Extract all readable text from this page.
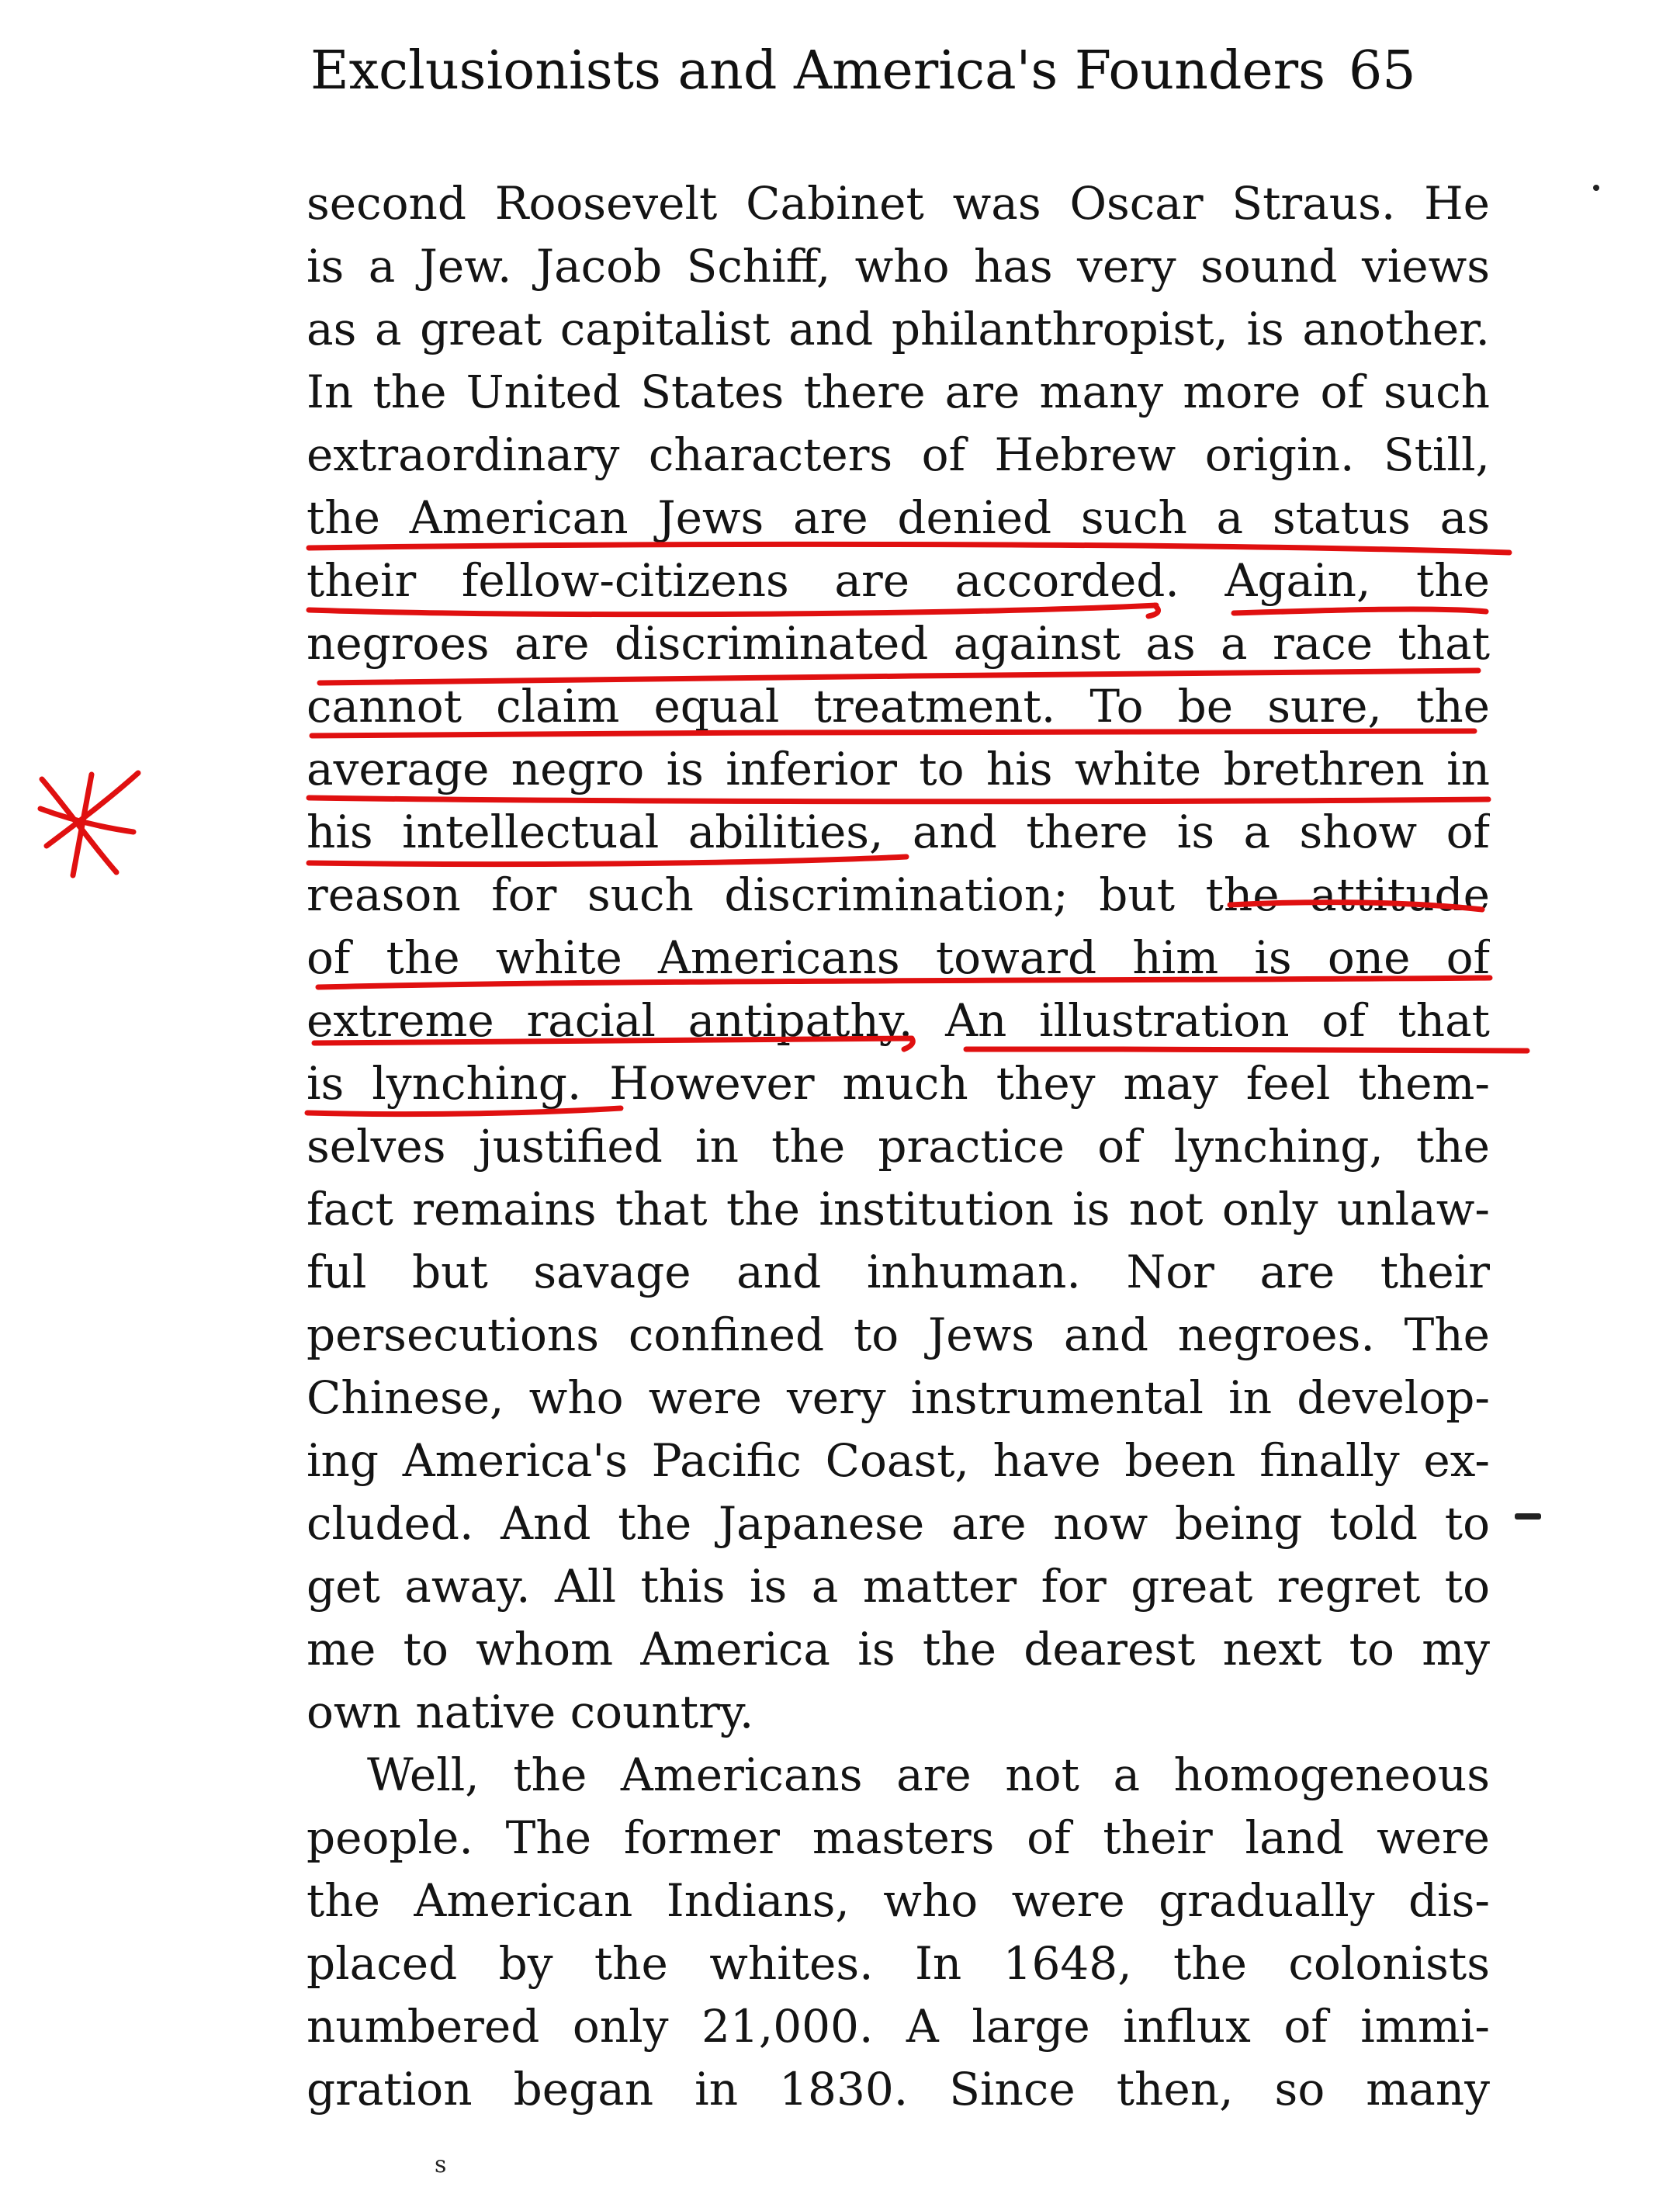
Exclusionists and America's Founders 65
second Roosevelt Cabinet was Oscar Straus. He
is a Jew. Jacob Schiff, who has very sound views
as a great capitalist and philanthropist, is another.
In the United States there are many more of such
extraordinary characters of Hebrew origin. Still,
the American Jews are denied such a status as
their fellow-citizens are accorded. Again, the
negroes are discriminated against as a race that
cannot claim equal treatment. To be sure, the
average negro is inferior to his white brethren in
his intellectual abilities, and there is a show of
reason for such discrimination; but the attitude
of the white Americans toward him is one of
extreme racial antipathy. An illustration of that
is lynching. However much they may feel them-
selves justified in the practice of lynching, the
fact remains that the institution is not only unlaw-
ful but savage and inhuman. Nor are their
persecutions confined to Jews and negroes. The
Chinese, who were very instrumental in develop-
ing America's Pacific Coast, have been finally ex-
cluded. And the Japanese are now being told to
get away. All this is a matter for great regret to
me to whom America is the dearest next to my
own native country.
Well, the Americans are not a homogeneous
people. The former masters of their land were
the American Indians, who were gradually dis-
placed by the whites. In 1648, the colonists
numbered only 21,000. A large influx of immi-
gration began in 1830. Since then, so many
s
